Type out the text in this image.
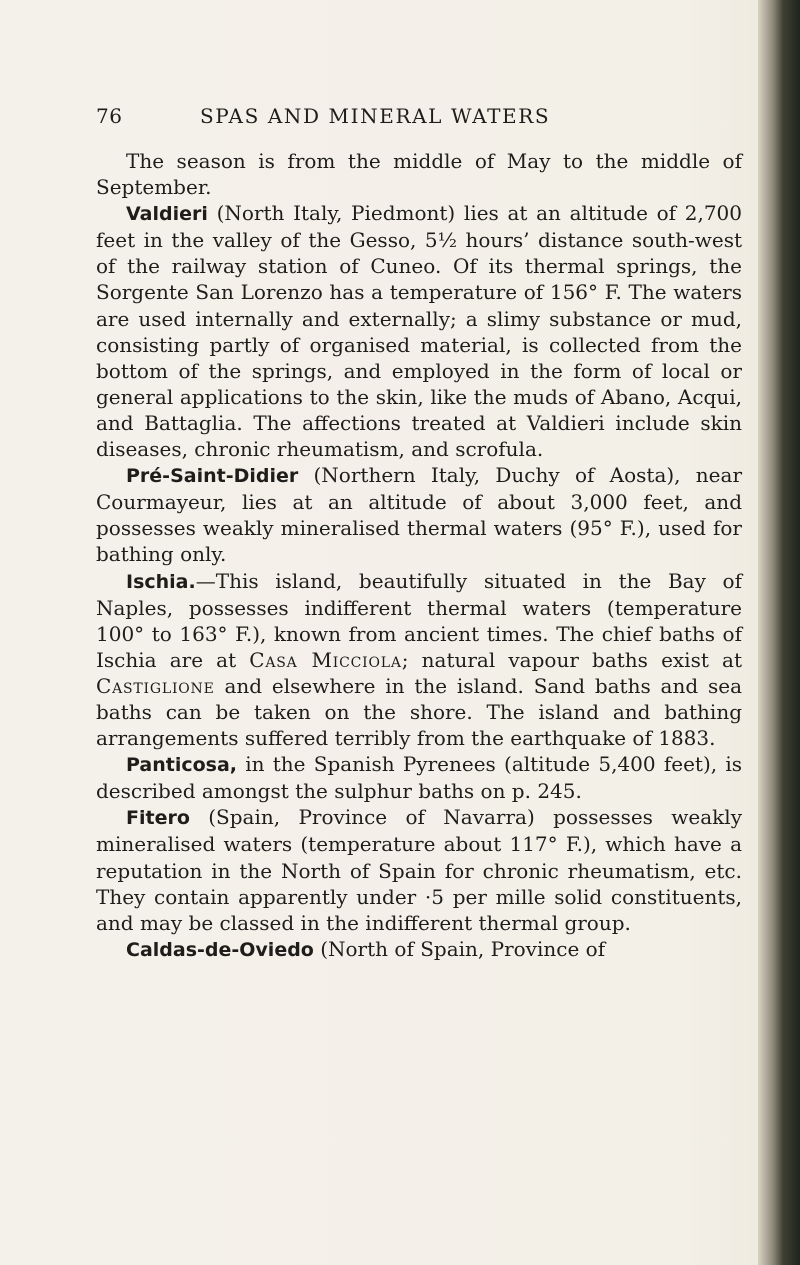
76	SPAS AND MINERAL WATERS

The season is from the middle of May to the middle of September.

Valdieri (North Italy, Piedmont) lies at an altitude of 2,700 feet in the valley of the Gesso, 5½ hours’ distance south-west of the railway station of Cuneo. Of its thermal springs, the Sorgente San Lorenzo has a temperature of 156° F. The waters are used internally and externally; a slimy substance or mud, consisting partly of organised material, is collected from the bottom of the springs, and employed in the form of local or general applications to the skin, like the muds of Abano, Acqui, and Battaglia. The affections treated at Valdieri include skin diseases, chronic rheumatism, and scrofula.

Pré-Saint-Didier (Northern Italy, Duchy of Aosta), near Courmayeur, lies at an altitude of about 3,000 feet, and possesses weakly mineralised thermal waters (95° F.), used for bathing only.

Ischia.—This island, beautifully situated in the Bay of Naples, possesses indifferent thermal waters (temperature 100° to 163° F.), known from ancient times. The chief baths of Ischia are at Casa Micciola; natural vapour baths exist at Castiglione and elsewhere in the island. Sand baths and sea baths can be taken on the shore. The island and bathing arrangements suffered terribly from the earthquake of 1883.

Panticosa, in the Spanish Pyrenees (altitude 5,400 feet), is described amongst the sulphur baths on p. 245.

Fitero (Spain, Province of Navarra) possesses weakly mineralised waters (temperature about 117° F.), which have a reputation in the North of Spain for chronic rheumatism, etc. They contain apparently under ·5 per mille solid constituents, and may be classed in the indifferent thermal group.

Caldas-de-Oviedo (North of Spain, Province of
